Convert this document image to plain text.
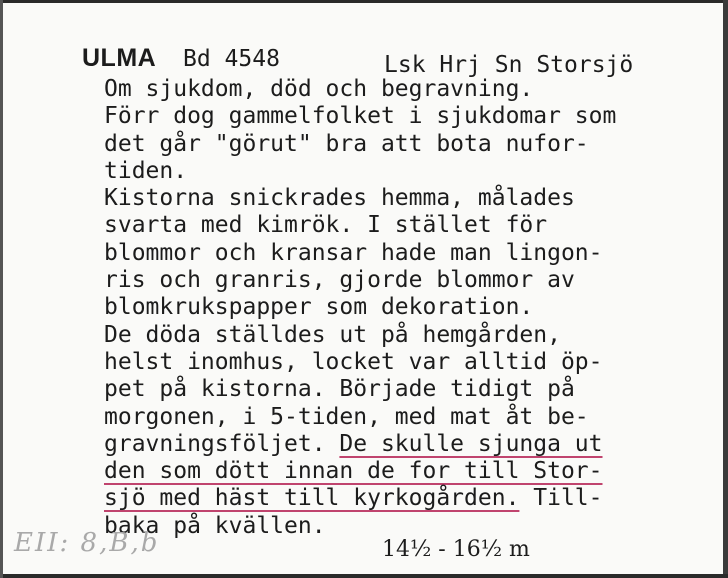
ULMA Bd 4548	Lsk Hrj Sn Storsjö
Om sjukdom, död och begravning.
Förr dog gammelfolket i sjukdomar som
det går "görut" bra att bota nufor-
tiden.
Kistorna snickrades hemma, målades
svarta med kimrök. I stället för
blommor och kransar hade man lingon-
ris och granris, gjorde blommor av
blomkrukspapper som dekoration.
De döda ställdes ut på hemgården,
helst inomhus, locket var alltid öp-
pet på kistorna. Började tidigt på
morgonen, i 5-tiden, med mat åt be-
gravningsföljet. De skulle sjunga ut
den som dött innan de for till Stor-
sjö med häst till kyrkogården. Till-
baka på kvällen.
14½ - 16½ m
EII: 8,B,b
